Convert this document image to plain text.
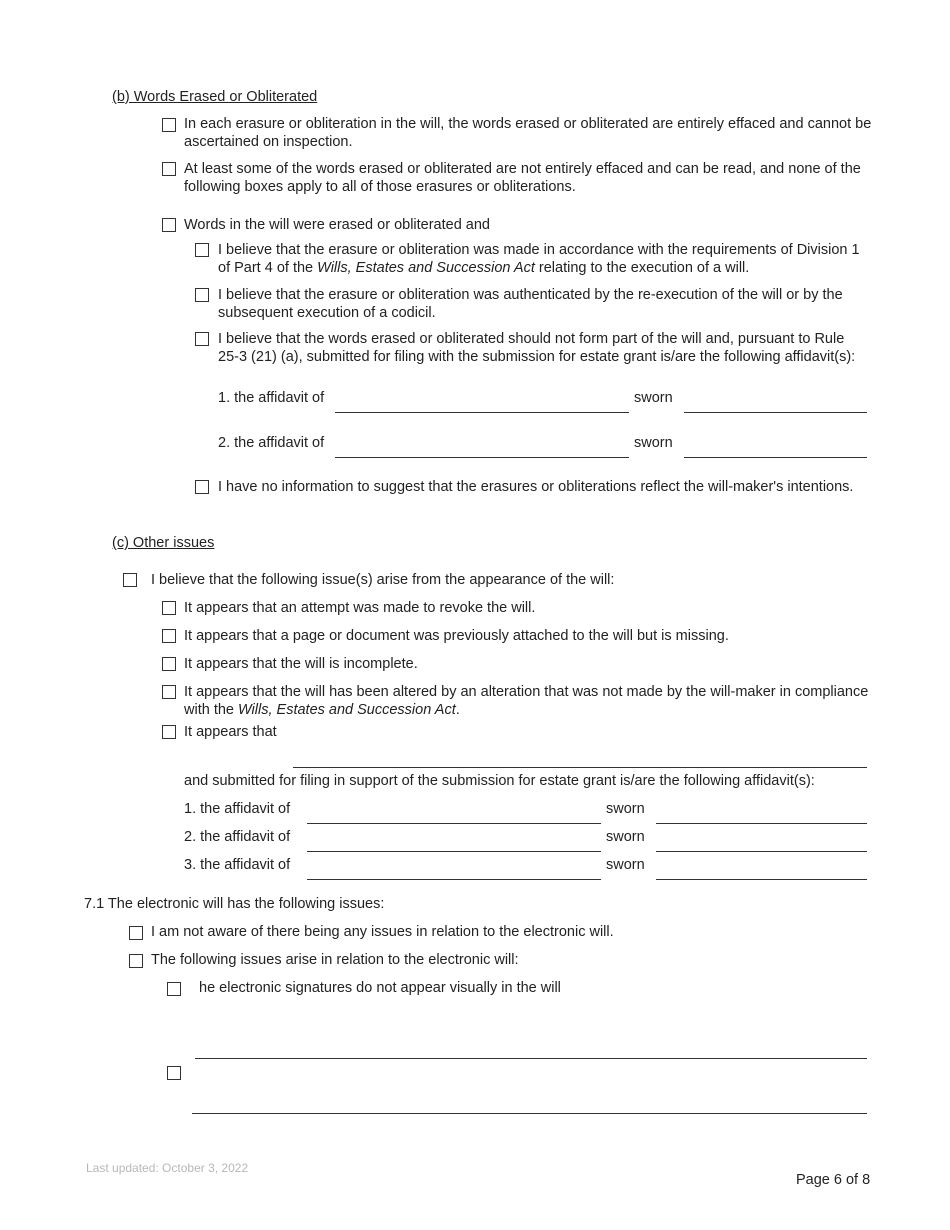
(b) Words Erased or Obliterated
In each erasure or obliteration in the will, the words erased or obliterated are entirely effaced and cannot be ascertained on inspection.
At least some of the words erased or obliterated are not entirely effaced and can be read, and none of the following boxes apply to all of those erasures or obliterations.
Words in the will were erased or obliterated and
I believe that the erasure or obliteration was made in accordance with the requirements of Division 1 of Part 4 of the Wills, Estates and Succession Act relating to the execution of a will.
I believe that the erasure or obliteration was authenticated by the re-execution of the will or by the subsequent execution of a codicil.
I believe that the words erased or obliterated should not form part of the will and, pursuant to Rule 25-3 (21) (a), submitted for filing with the submission for estate grant is/are the following affidavit(s):
1. the affidavit of	sworn
2. the affidavit of	sworn
I have no information to suggest that the erasures or obliterations reflect the will-maker's intentions.
(c) Other issues
I believe that the following issue(s) arise from the appearance of the will:
It appears that an attempt was made to revoke the will.
It appears that a page or document was previously attached to the will but is missing.
It appears that the will is incomplete.
It appears that the will has been altered by an alteration that was not made by the will-maker in compliance with the Wills, Estates and Succession Act.
It appears that
and submitted for filing in support of the submission for estate grant is/are the following affidavit(s):
1. the affidavit of	sworn
2. the affidavit of	sworn
3. the affidavit of	sworn
7.1 The electronic will has the following issues:
I am not aware of there being any issues in relation to the electronic will.
The following issues arise in relation to the electronic will:
he electronic signatures do not appear visually in the will
Last updated: October 3, 2022
Page 6 of 8
